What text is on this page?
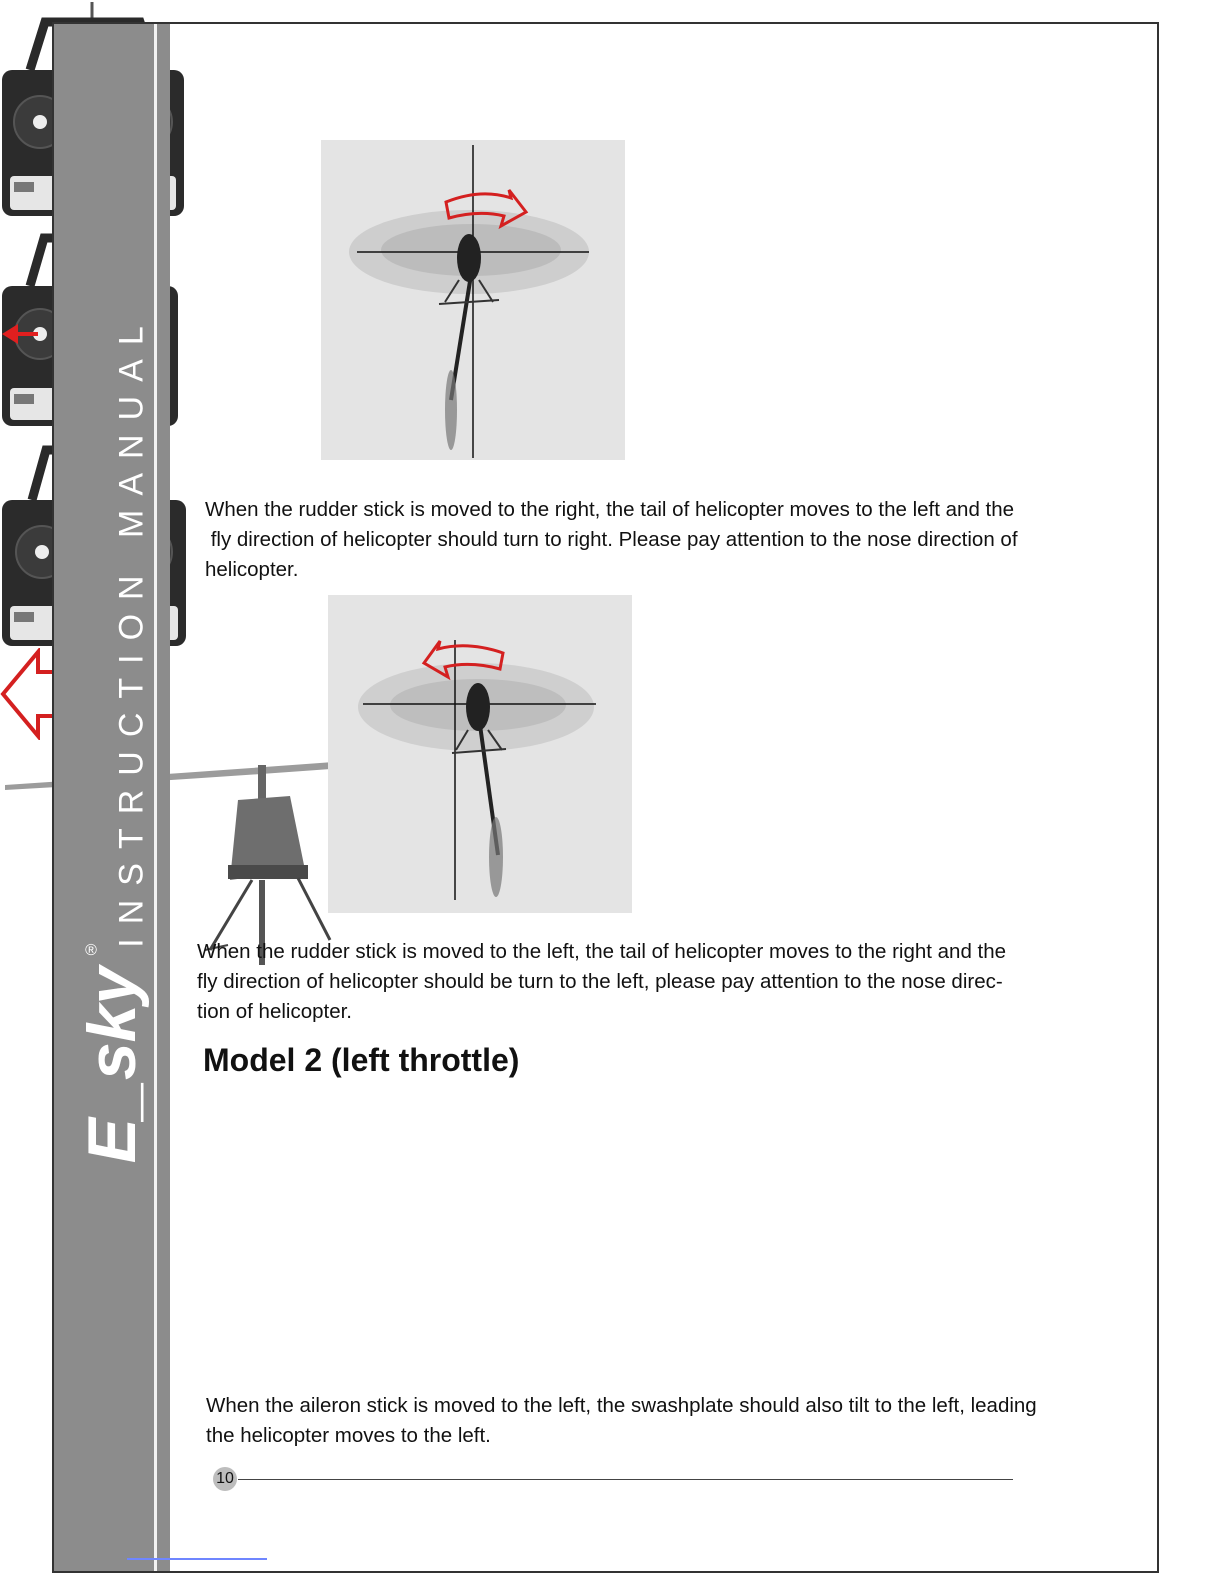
INSTRUCTION MANUAL
E_sky
®
When the rudder stick is moved to the right, the tail of helicopter moves to the left and the
fly direction of helicopter should turn to right. Please pay attention to the nose direction of
helicopter.
When the rudder stick is moved to the left, the tail of helicopter moves to the right and the
fly direction of helicopter should be turn to the left, please pay attention to the nose direc-
tion of helicopter.
Model 2 (left throttle)
When the aileron stick is moved to the left, the swashplate should also tilt to the left, leading
the helicopter moves to the left.
10
